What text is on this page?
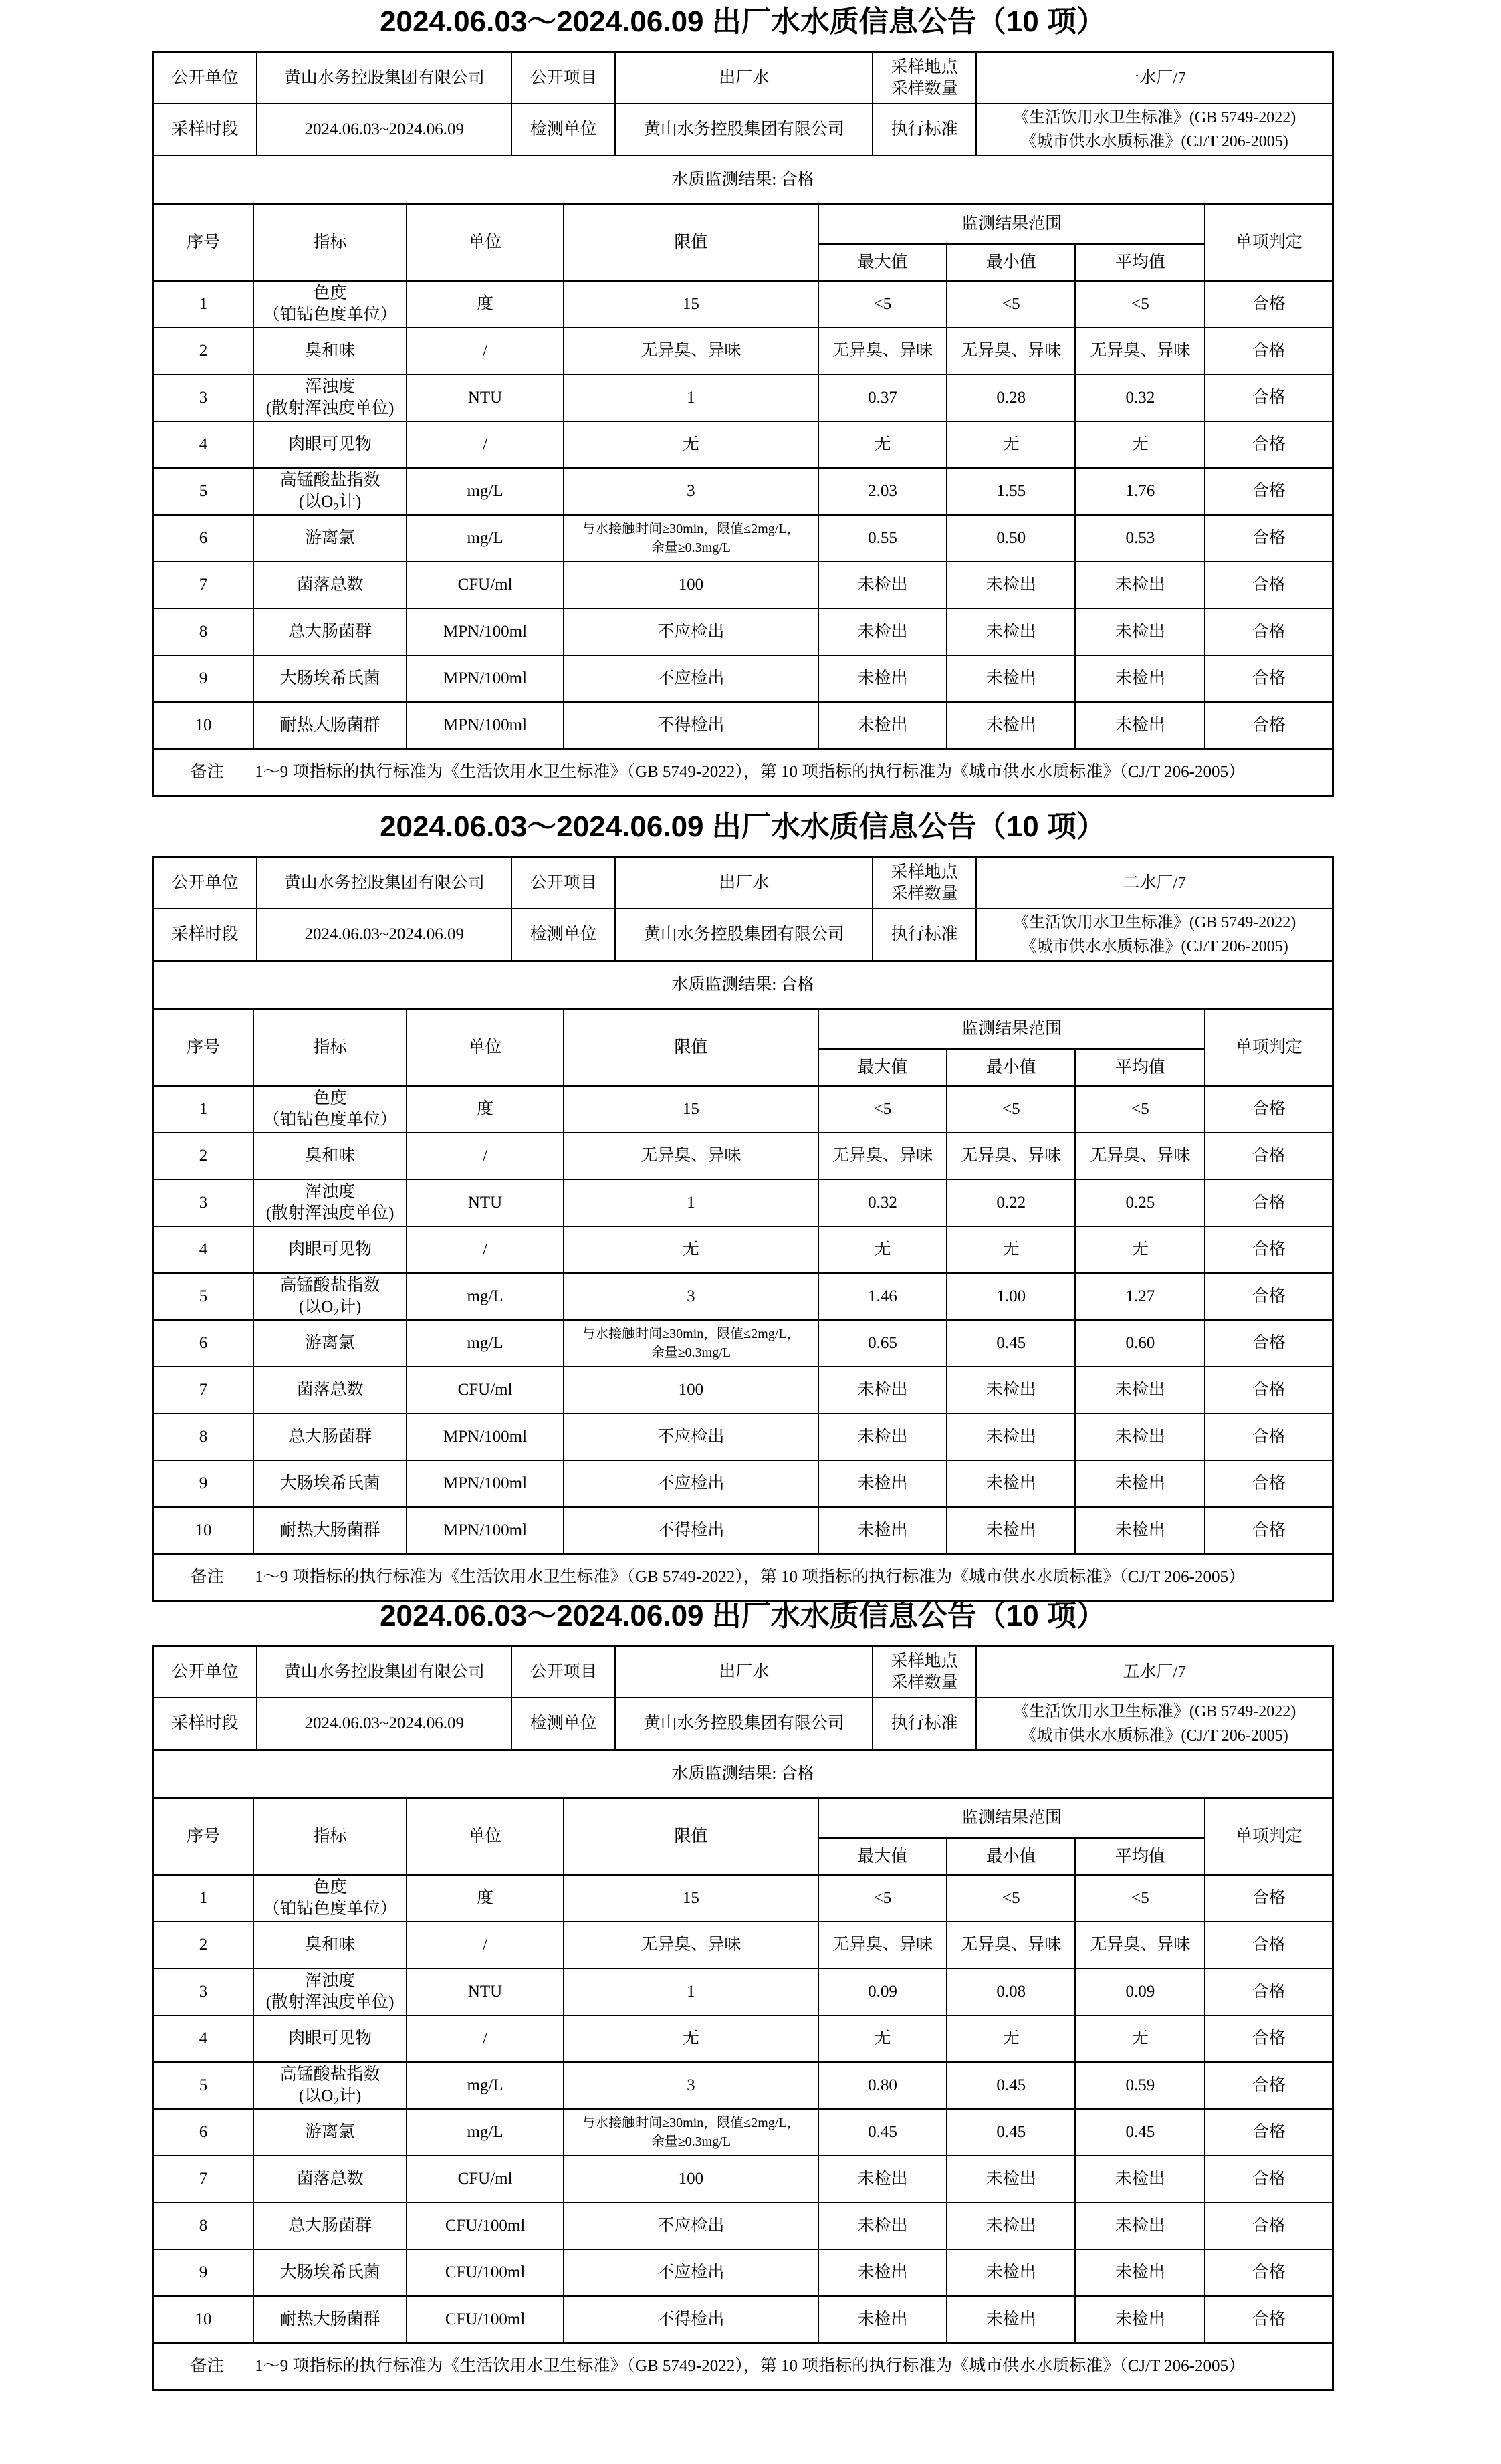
2024.06.03～2024.06.09 出厂水水质信息公告（10 项）
公开单位	黄山水务控股集团有限公司	公开项目	出厂水	采样地点
采样数量	一水厂/7
采样时段	2024.06.03~2024.06.09	检测单位	黄山水务控股集团有限公司	执行标准	《生活饮用水卫生标准》(GB 5749-2022)
《城市供水水质标准》(CJ/T 206-2005)
水质监测结果: 合格
序号	指标	单位	限值	监测结果范围			单项判定
				最大值	最小值	平均值	
1	色度
（铂钴色度单位）	度	15	<5	<5	<5	合格
2	臭和味	/	无异臭、异味	无异臭、异味	无异臭、异味	无异臭、异味	合格
3	浑浊度
(散射浑浊度单位)	NTU	1	0.37	0.28	0.32	合格
4	肉眼可见物	/	无	无	无	无	合格
5	高锰酸盐指数
(以O₂计)	mg/L	3	2.03	1.55	1.76	合格
6	游离氯	mg/L	与水接触时间≥30min，限值≤2mg/L，
余量≥0.3mg/L	0.55	0.50	0.53	合格
7	菌落总数	CFU/ml	100	未检出	未检出	未检出	合格
8	总大肠菌群	MPN/100ml	不应检出	未检出	未检出	未检出	合格
9	大肠埃希氏菌	MPN/100ml	不应检出	未检出	未检出	未检出	合格
10	耐热大肠菌群	MPN/100ml	不得检出	未检出	未检出	未检出	合格

备注 1～9 项指标的执行标准为《生活饮用水卫生标准》（GB 5749-2022），第 10 项指标的执行标准为《城市供水水质标准》（CJ/T 206-2005）							
2024.06.03～2024.06.09 出厂水水质信息公告（10 项）
公开单位	黄山水务控股集团有限公司	公开项目	出厂水	采样地点
采样数量	二水厂/7
采样时段	2024.06.03~2024.06.09	检测单位	黄山水务控股集团有限公司	执行标准	《生活饮用水卫生标准》(GB 5749-2022)
《城市供水水质标准》(CJ/T 206-2005)
水质监测结果: 合格
序号	指标	单位	限值	监测结果范围			单项判定
				最大值	最小值	平均值	
1	色度
（铂钴色度单位）	度	15	<5	<5	<5	合格
2	臭和味	/	无异臭、异味	无异臭、异味	无异臭、异味	无异臭、异味	合格
3	浑浊度
(散射浑浊度单位)	NTU	1	0.32	0.22	0.25	合格
4	肉眼可见物	/	无	无	无	无	合格
5	高锰酸盐指数
(以O₂计)	mg/L	3	1.46	1.00	1.27	合格
6	游离氯	mg/L	与水接触时间≥30min，限值≤2mg/L，
余量≥0.3mg/L	0.65	0.45	0.60	合格
7	菌落总数	CFU/ml	100	未检出	未检出	未检出	合格
8	总大肠菌群	MPN/100ml	不应检出	未检出	未检出	未检出	合格
9	大肠埃希氏菌	MPN/100ml	不应检出	未检出	未检出	未检出	合格
10	耐热大肠菌群	MPN/100ml	不得检出	未检出	未检出	未检出	合格

备注 1～9 项指标的执行标准为《生活饮用水卫生标准》（GB 5749-2022），第 10 项指标的执行标准为《城市供水水质标准》（CJ/T 206-2005）							
2024.06.03～2024.06.09 出厂水水质信息公告（10 项）
公开单位	黄山水务控股集团有限公司	公开项目	出厂水	采样地点
采样数量	五水厂/7
采样时段	2024.06.03~2024.06.09	检测单位	黄山水务控股集团有限公司	执行标准	《生活饮用水卫生标准》(GB 5749-2022)
《城市供水水质标准》(CJ/T 206-2005)
水质监测结果: 合格
序号	指标	单位	限值	监测结果范围			单项判定
				最大值	最小值	平均值	
1	色度
（铂钴色度单位）	度	15	<5	<5	<5	合格
2	臭和味	/	无异臭、异味	无异臭、异味	无异臭、异味	无异臭、异味	合格
3	浑浊度
(散射浑浊度单位)	NTU	1	0.09	0.08	0.09	合格
4	肉眼可见物	/	无	无	无	无	合格
5	高锰酸盐指数
(以O₂计)	mg/L	3	0.80	0.45	0.59	合格
6	游离氯	mg/L	与水接触时间≥30min，限值≤2mg/L，
余量≥0.3mg/L	0.45	0.45	0.45	合格
7	菌落总数	CFU/ml	100	未检出	未检出	未检出	合格
8	总大肠菌群	CFU/100ml	不应检出	未检出	未检出	未检出	合格
9	大肠埃希氏菌	CFU/100ml	不应检出	未检出	未检出	未检出	合格
10	耐热大肠菌群	CFU/100ml	不得检出	未检出	未检出	未检出	合格

备注 1～9 项指标的执行标准为《生活饮用水卫生标准》（GB 5749-2022），第 10 项指标的执行标准为《城市供水水质标准》（CJ/T 206-2005）							
